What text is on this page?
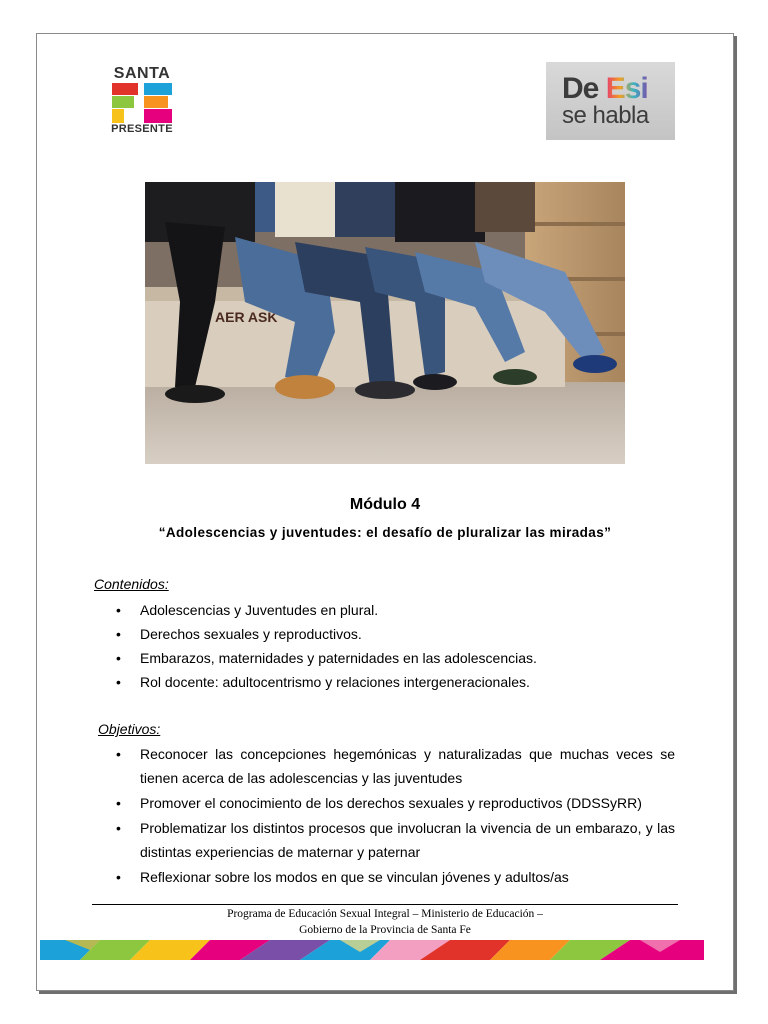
SANTA
PRESENTE
De Esi
se habla
AER ASK
Módulo 4
“Adolescencias y juventudes: el desafío de pluralizar las miradas”
Contenidos:
• Adolescencias y Juventudes en plural.
• Derechos sexuales y reproductivos.
• Embarazos, maternidades y paternidades en las adolescencias.
• Rol docente: adultocentrismo y relaciones intergeneracionales.
Objetivos:
• Reconocer las concepciones hegemónicas y naturalizadas que muchas veces se tienen acerca de las adolescencias y las juventudes
• Promover el conocimiento de los derechos sexuales y reproductivos (DDSSyRR)
• Problematizar los distintos procesos que involucran la vivencia de un embarazo, y las distintas experiencias de maternar y paternar
• Reflexionar sobre los modos en que se vinculan jóvenes y adultos/as
Programa de Educación Sexual Integral – Ministerio de Educación –
Gobierno de la Provincia de Santa Fe
